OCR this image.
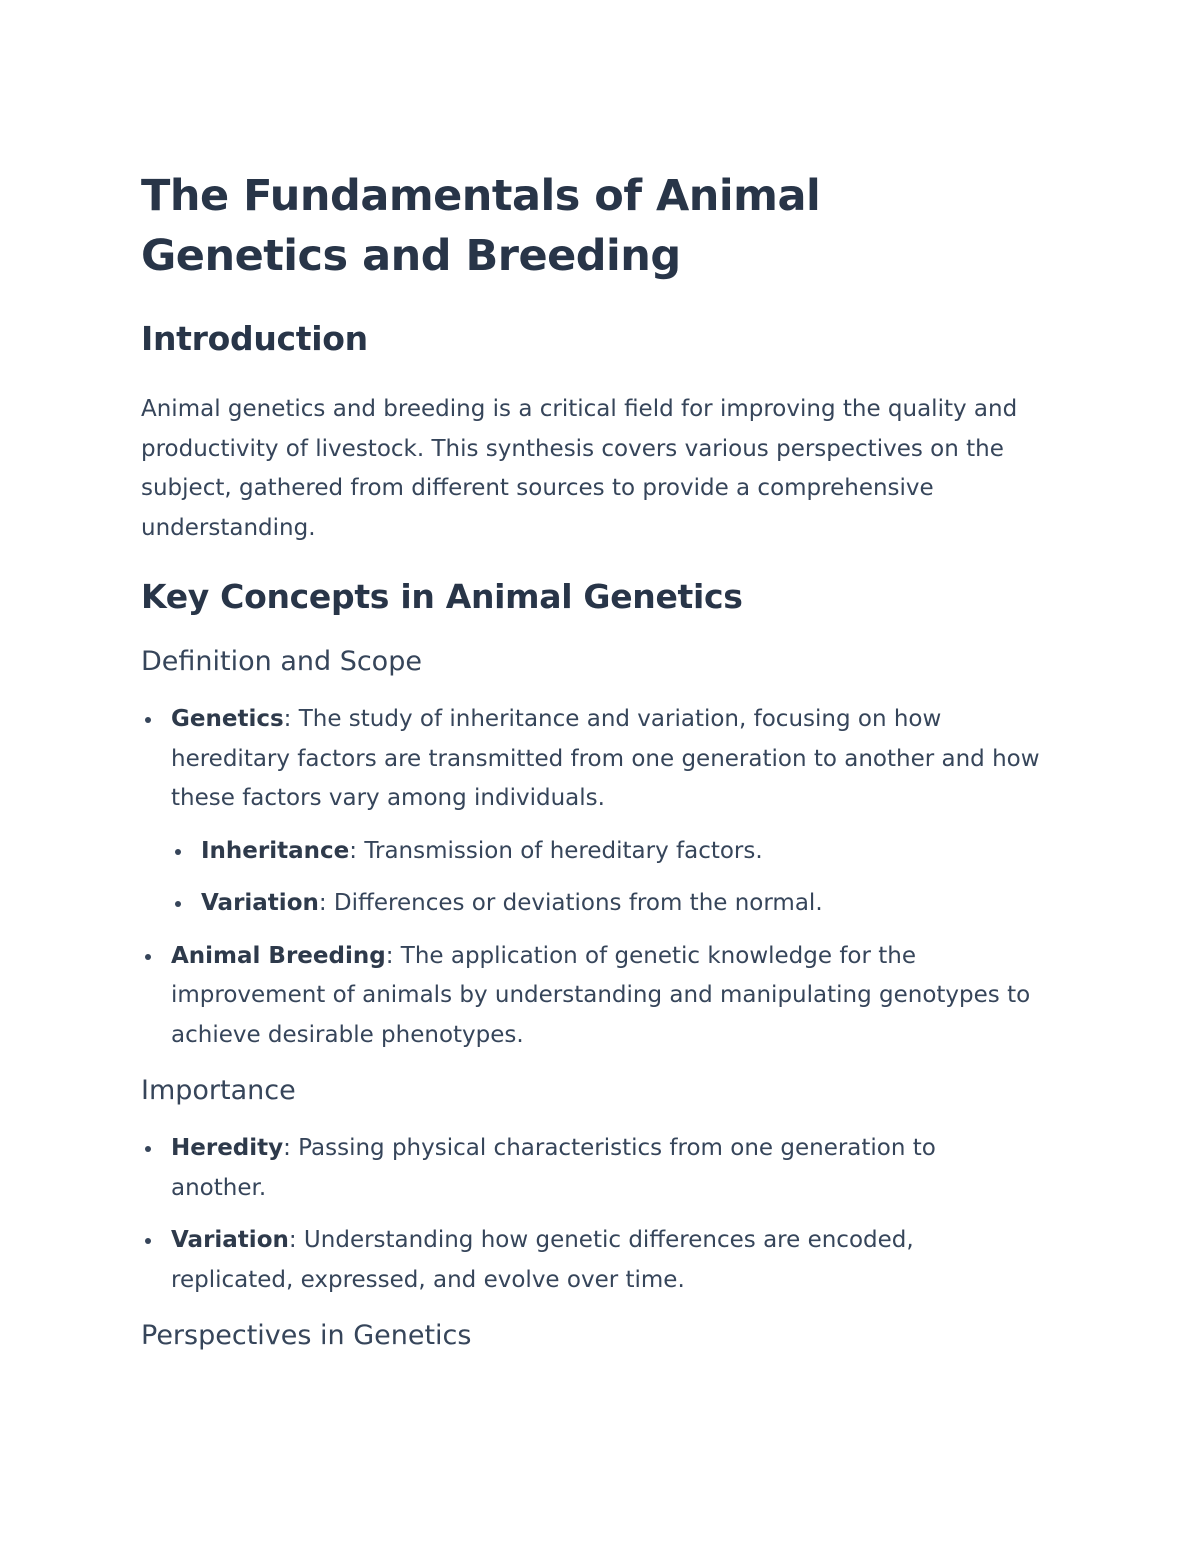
The Fundamentals of Animal Genetics and Breeding
Introduction

Animal genetics and breeding is a critical field for improving the quality and productivity of livestock. This synthesis covers various perspectives on the subject, gathered from different sources to provide a comprehensive understanding.

Key Concepts in Animal Genetics
Definition and Scope
Genetics: The study of inheritance and variation, focusing on how hereditary factors are transmitted from one generation to another and how these factors vary among individuals.
Inheritance: Transmission of hereditary factors.
Variation: Differences or deviations from the normal.
Animal Breeding: The application of genetic knowledge for the improvement of animals by understanding and manipulating genotypes to achieve desirable phenotypes.
Importance
Heredity: Passing physical characteristics from one generation to another.
Variation: Understanding how genetic differences are encoded, replicated, expressed, and evolve over time.
Perspectives in Genetics
